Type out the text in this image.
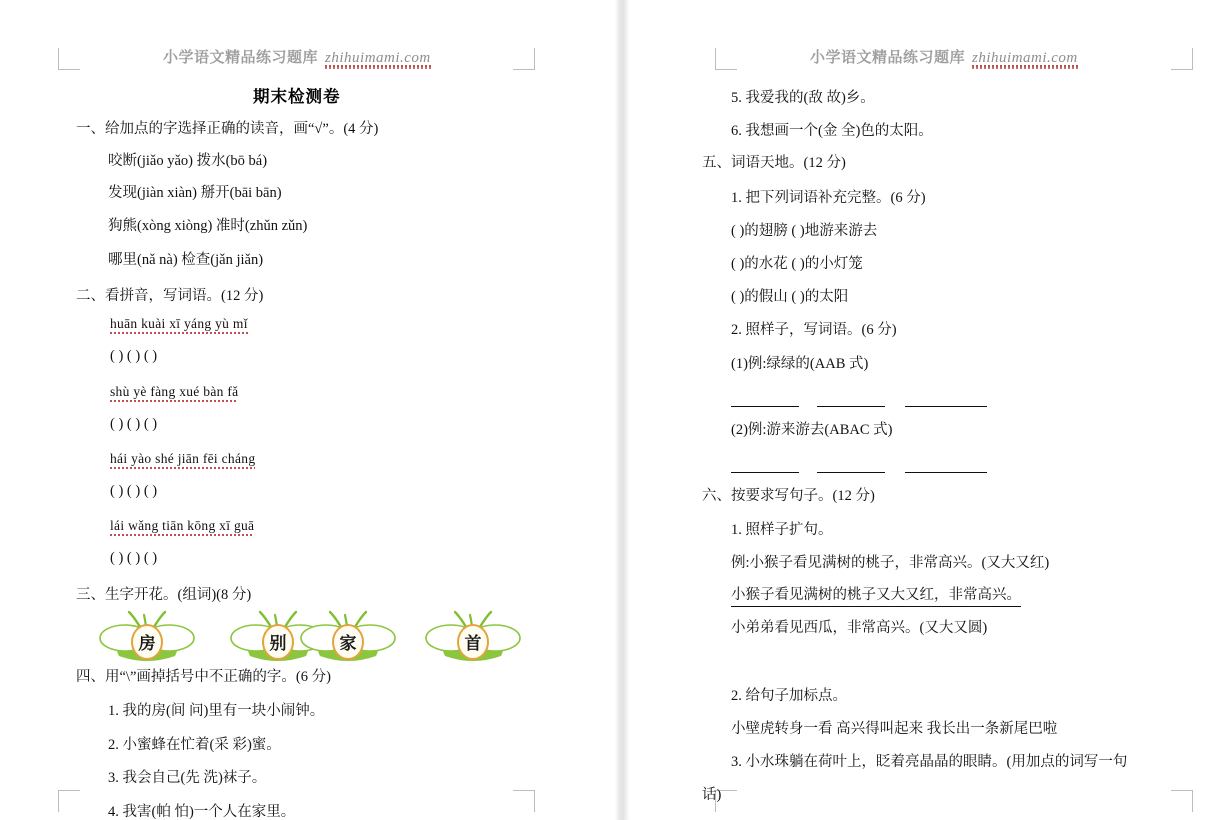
小学语文精品练习题库 zhihuimami.com
期末检测卷
一、给加点的字选择正确的读音，画“√”。(4 分)
咬断(jiǎo yǎo) 拨水(bō bá)
发现(jiàn xiàn) 掰开(bāi bān)
狗熊(xòng xiòng) 准时(zhǔn zǔn)
哪里(nǎ nà) 检查(jǎn jiǎn)
二、看拼音，写词语。(12 分)
huān kuài xī yáng yù mǐ
( ) ( ) ( )
shù yè fàng xué bàn fǎ
( ) ( ) ( )
hái yào shé jiān fēi cháng
( ) ( ) ( )
lái wǎng tiān kōng xī guā
( ) ( ) ( )
三、生字开花。(组词)(8 分)
房	别	家	首
四、用“\”画掉括号中不正确的字。(6 分)
1. 我的房(间 问)里有一块小闹钟。
2. 小蜜蜂在忙着(采 彩)蜜。
3. 我会自己(先 洗)袜子。
4. 我害(帕 怕)一个人在家里。
小学语文精品练习题库 zhihuimami.com
5. 我爱我的(敌 故)乡。
6. 我想画一个(金 全)色的太阳。
五、词语天地。(12 分)
1. 把下列词语补充完整。(6 分)
( )的翅膀 ( )地游来游去
( )的水花 ( )的小灯笼
( )的假山 ( )的太阳
2. 照样子，写词语。(6 分)
(1)例:绿绿的(AAB 式)

(2)例:游来游去(ABAC 式)

六、按要求写句子。(12 分)
1. 照样子扩句。
例:小猴子看见满树的桃子，非常高兴。(又大又红)
小猴子看见满树的桃子又大又红，非常高兴。
小弟弟看见西瓜，非常高兴。(又大又圆)
2. 给句子加标点。
小壁虎转身一看 高兴得叫起来 我长出一条新尾巴啦
3. 小水珠躺在荷叶上，眨着亮晶晶的眼睛。(用加点的词写一句
话)
